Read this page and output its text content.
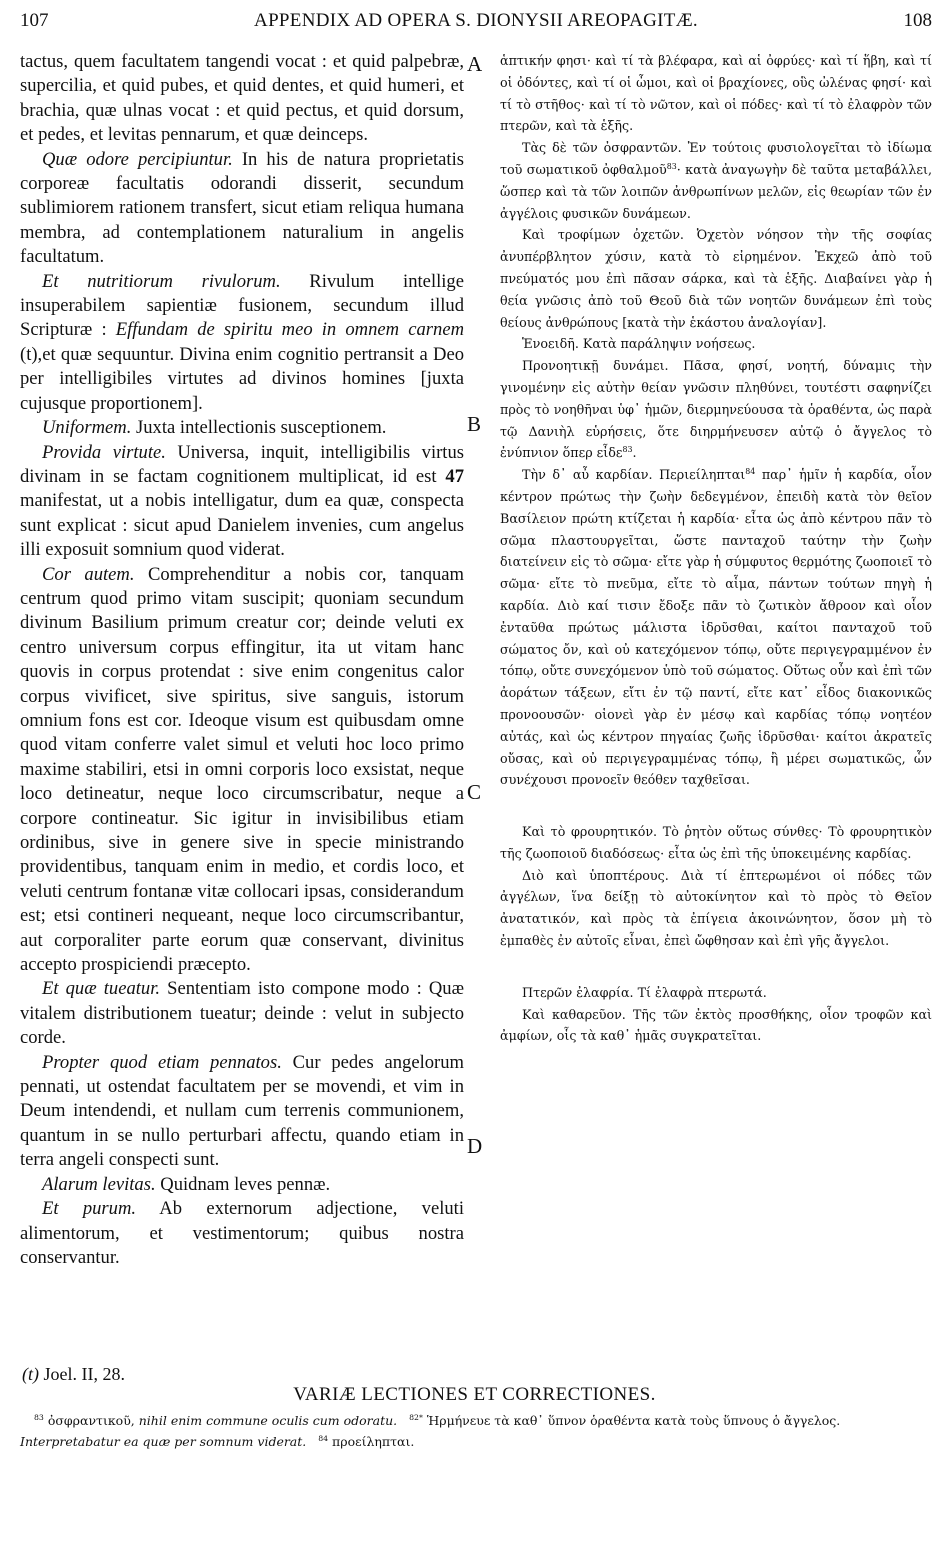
107	APPENDIX AD OPERA S. DIONYSII AREOPAGITÆ.	108

tactus, quem facultatem tangendi vocat : et quid palpebræ, supercilia, et quid pubes, et quid dentes, et quid humeri, et brachia, quæ ulnas vocat : et quid pectus, et quid dorsum, et pedes, et levitas pennarum, et quæ deinceps.

Quæ odore percipiuntur. In his de natura proprietatis corporeæ facultatis odorandi disserit, secundum sublimiorem rationem transfert, sicut etiam reliqua humana membra, ad contemplationem naturalium in angelis facultatum.

Et nutritiorum rivulorum. Rivulum intellige insuperabilem sapientiæ fusionem, secundum illud Scripturæ : Effundam de spiritu meo in omnem carnem (t),et quæ sequuntur. Divina enim cognitio pertransit a Deo per intelligibiles virtutes ad divinos homines [juxta cujusque proportionem].

Uniformem. Juxta intellectionis susceptionem.

Provida virtute. Universa, inquit, intelligibilis virtus divinam in se factam cognitionem multiplicat, id est 47 manifestat, ut a nobis intelligatur, dum ea quæ, conspecta sunt explicat : sicut apud Danielem invenies, cum angelus illi exposuit somnium quod viderat.

Cor autem. Comprehenditur a nobis cor, tanquam centrum quod primo vitam suscipit; quoniam secundum divinum Basilium primum creatur cor; deinde veluti ex centro universum corpus effingitur, ita ut vitam hanc quovis in corpus protendat : sive enim congenitus calor corpus vivificet, sive spiritus, sive sanguis, istorum omnium fons est cor. Ideoque visum est quibusdam omne quod vitam conferre valet simul et veluti hoc loco primo maxime stabiliri, etsi in omni corporis loco exsistat, neque loco detineatur, neque loco circumscribatur, neque a corpore contineatur. Sic igitur in invisibilibus etiam ordinibus, sive in genere sive in specie ministrando providentibus, tanquam enim in medio, et cordis loco, et veluti centrum fontanæ vitæ collocari ipsas, considerandum est; etsi contineri nequeant, neque loco circumscribantur, aut corporaliter parte eorum quæ conservant, divinitus accepto prospiciendi præcepto.

Et quæ tueatur. Sententiam isto compone modo : Quæ vitalem distributionem tueatur; deinde : velut in subjecto corde.

Propter quod etiam pennatos. Cur pedes angelorum pennati, ut ostendat facultatem per se movendi, et vim in Deum intendendi, et nullam cum terrenis communionem, quantum in se nullo perturbari affectu, quando etiam in terra angeli conspecti sunt.

Alarum levitas. Quidnam leves pennæ.

Et purum. Ab externorum adjectione, veluti alimentorum, et vestimentorum; quibus nostra conservantur.

A
B
C
D

ἁπτικήν φησι· καὶ τί τὰ βλέφαρα, καὶ αἱ ὀφρύες· καὶ τί ἥβη, καὶ τί οἱ ὀδόντες, καὶ τί οἱ ὦμοι, καὶ οἱ βραχίονες, οὓς ὠλένας φησί· καὶ τί τὸ στῆθος· καὶ τί τὸ νῶτον, καὶ οἱ πόδες· καὶ τί τὸ ἐλαφρὸν τῶν πτερῶν, καὶ τὰ ἑξῆς.

Τὰς δὲ τῶν ὀσφραντῶν. Ἐν τούτοις φυσιολογεῖται τὸ ἰδίωμα τοῦ σωματικοῦ ὀφθαλμοῦ$^{83}$· κατὰ ἀναγωγὴν δὲ ταῦτα μεταβάλλει, ὥσπερ καὶ τὰ τῶν λοιπῶν ἀνθρωπίνων μελῶν, εἰς θεωρίαν τῶν ἐν ἀγγέλοις φυσικῶν δυνάμεων.

Καὶ τροφίμων ὀχετῶν. Ὀχετὸν νόησον τὴν τῆς σοφίας ἀνυπέρβλητον χύσιν, κατὰ τὸ εἰρημένον. Ἐκχεῶ ἀπὸ τοῦ πνεύματός μου ἐπὶ πᾶσαν σάρκα, καὶ τὰ ἑξῆς. Διαβαίνει γὰρ ἡ θεία γνῶσις ἀπὸ τοῦ Θεοῦ διὰ τῶν νοητῶν δυνάμεων ἐπὶ τοὺς θείους ἀνθρώπους [κατὰ τὴν ἑκάστου ἀναλογίαν].

Ἑνοειδῆ. Κατὰ παράληψιν νοήσεως.

Προνοητικῇ δυνάμει. Πᾶσα, φησί, νοητή, δύναμις τὴν γινομένην εἰς αὐτὴν θείαν γνῶσιν πληθύνει, τουτέστι σαφηνίζει πρὸς τὸ νοηθῆναι ὑφ᾽ ἡμῶν, διερμηνεύουσα τὰ ὁραθέντα, ὡς παρὰ τῷ Δανιὴλ εὑρήσεις, ὅτε διηρμήνευσεν αὐτῷ ὁ ἄγγελος τὸ ἐνύπνιον ὅπερ εἶδε$^{83}$.

Τὴν δ᾽ αὖ καρδίαν. Περιείληπται$^{84}$ παρ᾽ ἡμῖν ἡ καρδία, οἷον κέντρον πρώτως τὴν ζωὴν δεδεγμένον, ἐπειδὴ κατὰ τὸν θεῖον Βασίλειον πρώτη κτίζεται ἡ καρδία· εἶτα ὡς ἀπὸ κέντρου πᾶν τὸ σῶμα πλαστουργεῖται, ὥστε πανταχοῦ ταύτην τὴν ζωὴν διατείνειν εἰς τὸ σῶμα· εἴτε γὰρ ἡ σύμφυτος θερμότης ζωοποιεῖ τὸ σῶμα· εἴτε τὸ πνεῦμα, εἴτε τὸ αἷμα, πάντων τούτων πηγὴ ἡ καρδία. Διὸ καί τισιν ἔδοξε πᾶν τὸ ζωτικὸν ἄθροον καὶ οἷον ἐνταῦθα πρώτως μάλιστα ἱδρῦσθαι, καίτοι πανταχοῦ τοῦ σώματος ὄν, καὶ οὐ κατεχόμενον τόπῳ, οὔτε περιγεγραμμένον ἐν τόπῳ, οὔτε συνεχόμενον ὑπὸ τοῦ σώματος. Οὕτως οὖν καὶ ἐπὶ τῶν ἀοράτων τάξεων, εἴτι ἐν τῷ παντί, εἴτε κατ᾽ εἶδος διακονικῶς προνοουσῶν· οἱονεὶ γὰρ ἐν μέσῳ καὶ καρδίας τόπῳ νοητέον αὐτάς, καὶ ὡς κέντρον πηγαίας ζωῆς ἱδρῦσθαι· καίτοι ἀκρατεῖς οὔσας, καὶ οὐ περιγεγραμμένας τόπῳ, ἢ μέρει σωματικῶς, ὧν συνέχουσι προνοεῖν θεόθεν ταχθεῖσαι.

Καὶ τὸ φρουρητικόν. Τὸ ῥητὸν οὕτως σύνθες· Τὸ φρουρητικὸν τῆς ζωοποιοῦ διαδόσεως· εἶτα ὡς ἐπὶ τῆς ὑποκειμένης καρδίας.

Διὸ καὶ ὑποπτέρους. Διὰ τί ἐπτερωμένοι οἱ πόδες τῶν ἀγγέλων, ἵνα δείξῃ τὸ αὐτοκίνητον καὶ τὸ πρὸς τὸ Θεῖον ἀνατατικόν, καὶ πρὸς τὰ ἐπίγεια ἀκοινώνητον, ὅσον μὴ τὸ ἐμπαθὲς ἐν αὐτοῖς εἶναι, ἐπεὶ ὤφθησαν καὶ ἐπὶ γῆς ἄγγελοι.

Πτερῶν ἐλαφρία. Τί ἐλαφρὰ πτερωτά.

Καὶ καθαρεῦον. Τῆς τῶν ἐκτὸς προσθήκης, οἷον τροφῶν καὶ ἀμφίων, οἷς τὰ καθ᾽ ἡμᾶς συγκρατεῖται.

(t) Joel. II, 28.
VARIÆ LECTIONES ET CORRECTIONES.
$^{83}$ ὀσφραντικοῦ, nihil enim commune oculis cum odoratu. $^{82*}$ Ἡρμήνευε τὰ καθ᾽ ὕπνον ὁραθέντα κατὰ τοὺς ὕπνους ὁ ἄγγελος. Interpretabatur ea quæ per somnum viderat. $^{84}$ προείληπται.
